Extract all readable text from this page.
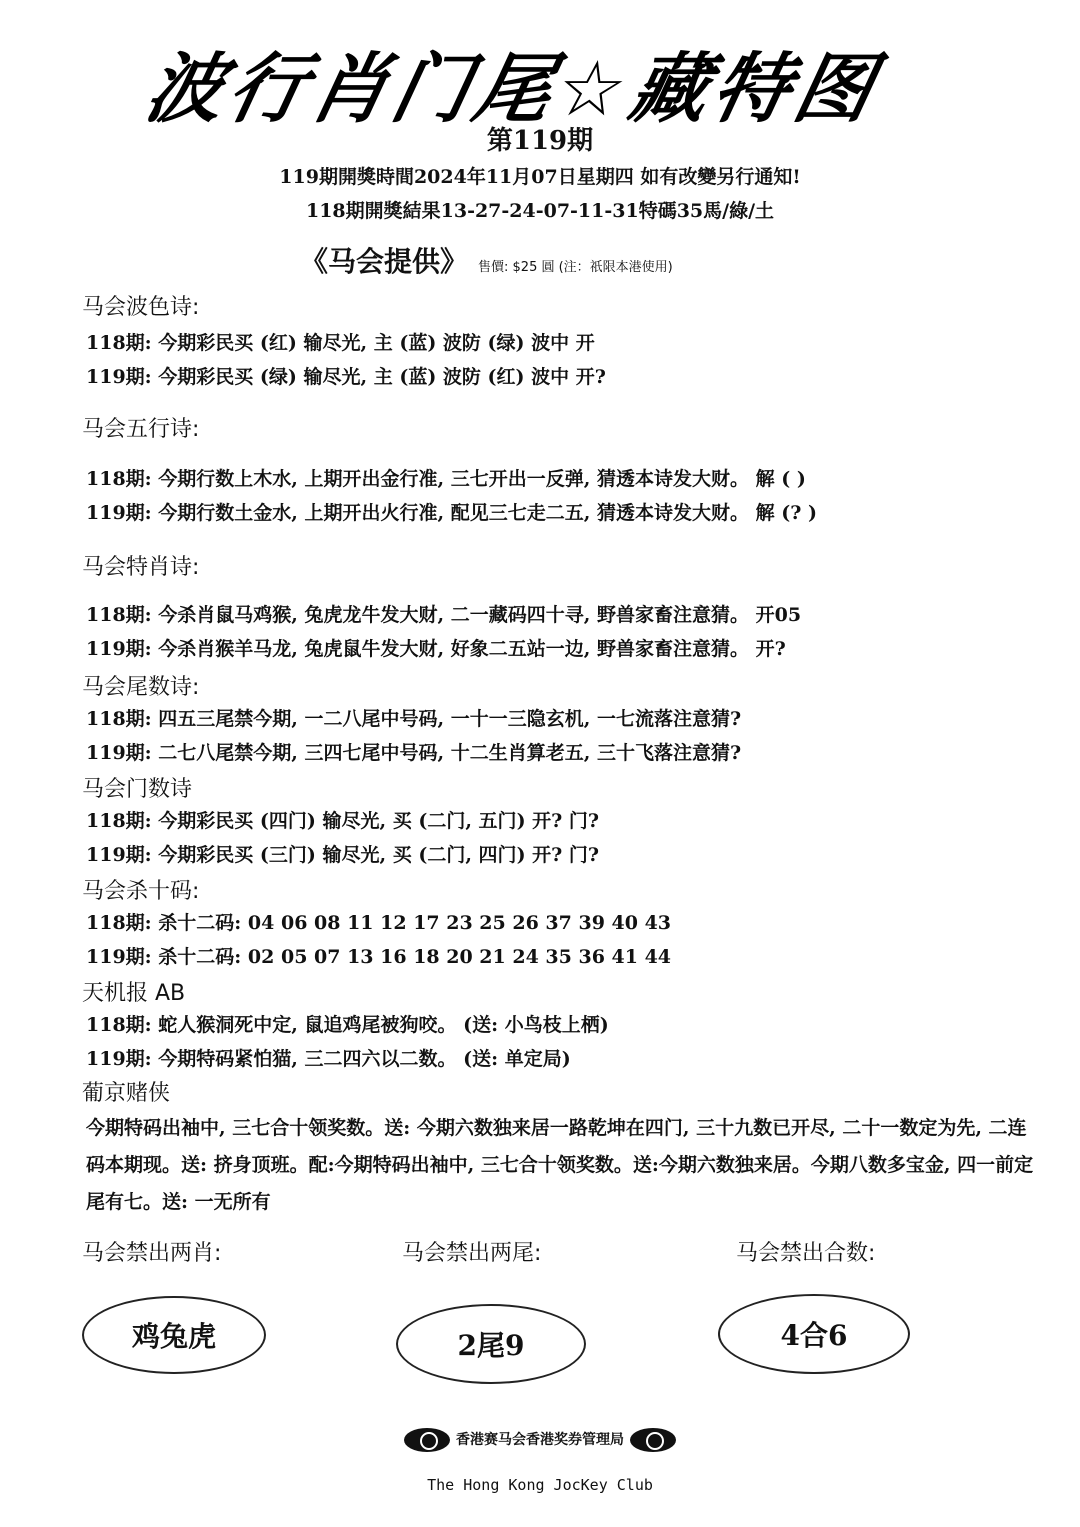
波行肖门尾☆藏特图
第119期
119期開獎時間2024年11月07日星期四 如有改變另行通知!
118期開獎結果13-27-24-07-11-31特碼35馬/綠/土
《马会提供》 售價: $25 圓 (注：祇限本港使用)
马会波色诗:
118期: 今期彩民买 (红) 输尽光, 主 (蓝) 波防 (绿) 波中 开
119期: 今期彩民买 (绿) 输尽光, 主 (蓝) 波防 (红) 波中 开?
马会五行诗:
118期: 今期行数上木水, 上期开出金行准, 三七开出一反弹, 猜透本诗发大财。 解 ( )
119期: 今期行数土金水, 上期开出火行准, 配见三七走二五, 猜透本诗发大财。 解 (? )
马会特肖诗:
118期: 今杀肖鼠马鸡猴, 兔虎龙牛发大财, 二一藏码四十寻, 野兽家畜注意猜。 开05
119期: 今杀肖猴羊马龙, 兔虎鼠牛发大财, 好象二五站一边, 野兽家畜注意猜。 开?
马会尾数诗:
118期: 四五三尾禁今期, 一二八尾中号码, 一十一三隐玄机, 一七流落注意猜?
119期: 二七八尾禁今期, 三四七尾中号码, 十二生肖算老五, 三十飞落注意猜?
马会门数诗
118期: 今期彩民买 (四门) 输尽光, 买 (二门, 五门) 开? 门?
119期: 今期彩民买 (三门) 输尽光, 买 (二门, 四门) 开? 门?
马会杀十码:
118期: 杀十二码: 04 06 08 11 12 17 23 25 26 37 39 40 43
119期: 杀十二码: 02 05 07 13 16 18 20 21 24 35 36 41 44
天机报 AB
118期: 蛇人猴洞死中定, 鼠追鸡尾被狗咬。 (送: 小鸟枝上栖)
119期: 今期特码紧怕猫, 三二四六以二数。 (送: 单定局)
葡京赌侠
今期特码出袖中, 三七合十领奖数。送: 今期六数独来居一路乾坤在四门, 三十九数已开尽, 二十一数定为先, 二连码本期现。送: 挤身顶班。配:今期特码出袖中, 三七合十领奖数。送:今期六数独来居。今期八数多宝金, 四一前定尾有七。送: 一无所有
马会禁出两肖:	马会禁出两尾:	马会禁出合数:
鸡兔虎	2尾9	4合6
香港赛马会香港奖券管理局
The Hong Kong JocKey Club
